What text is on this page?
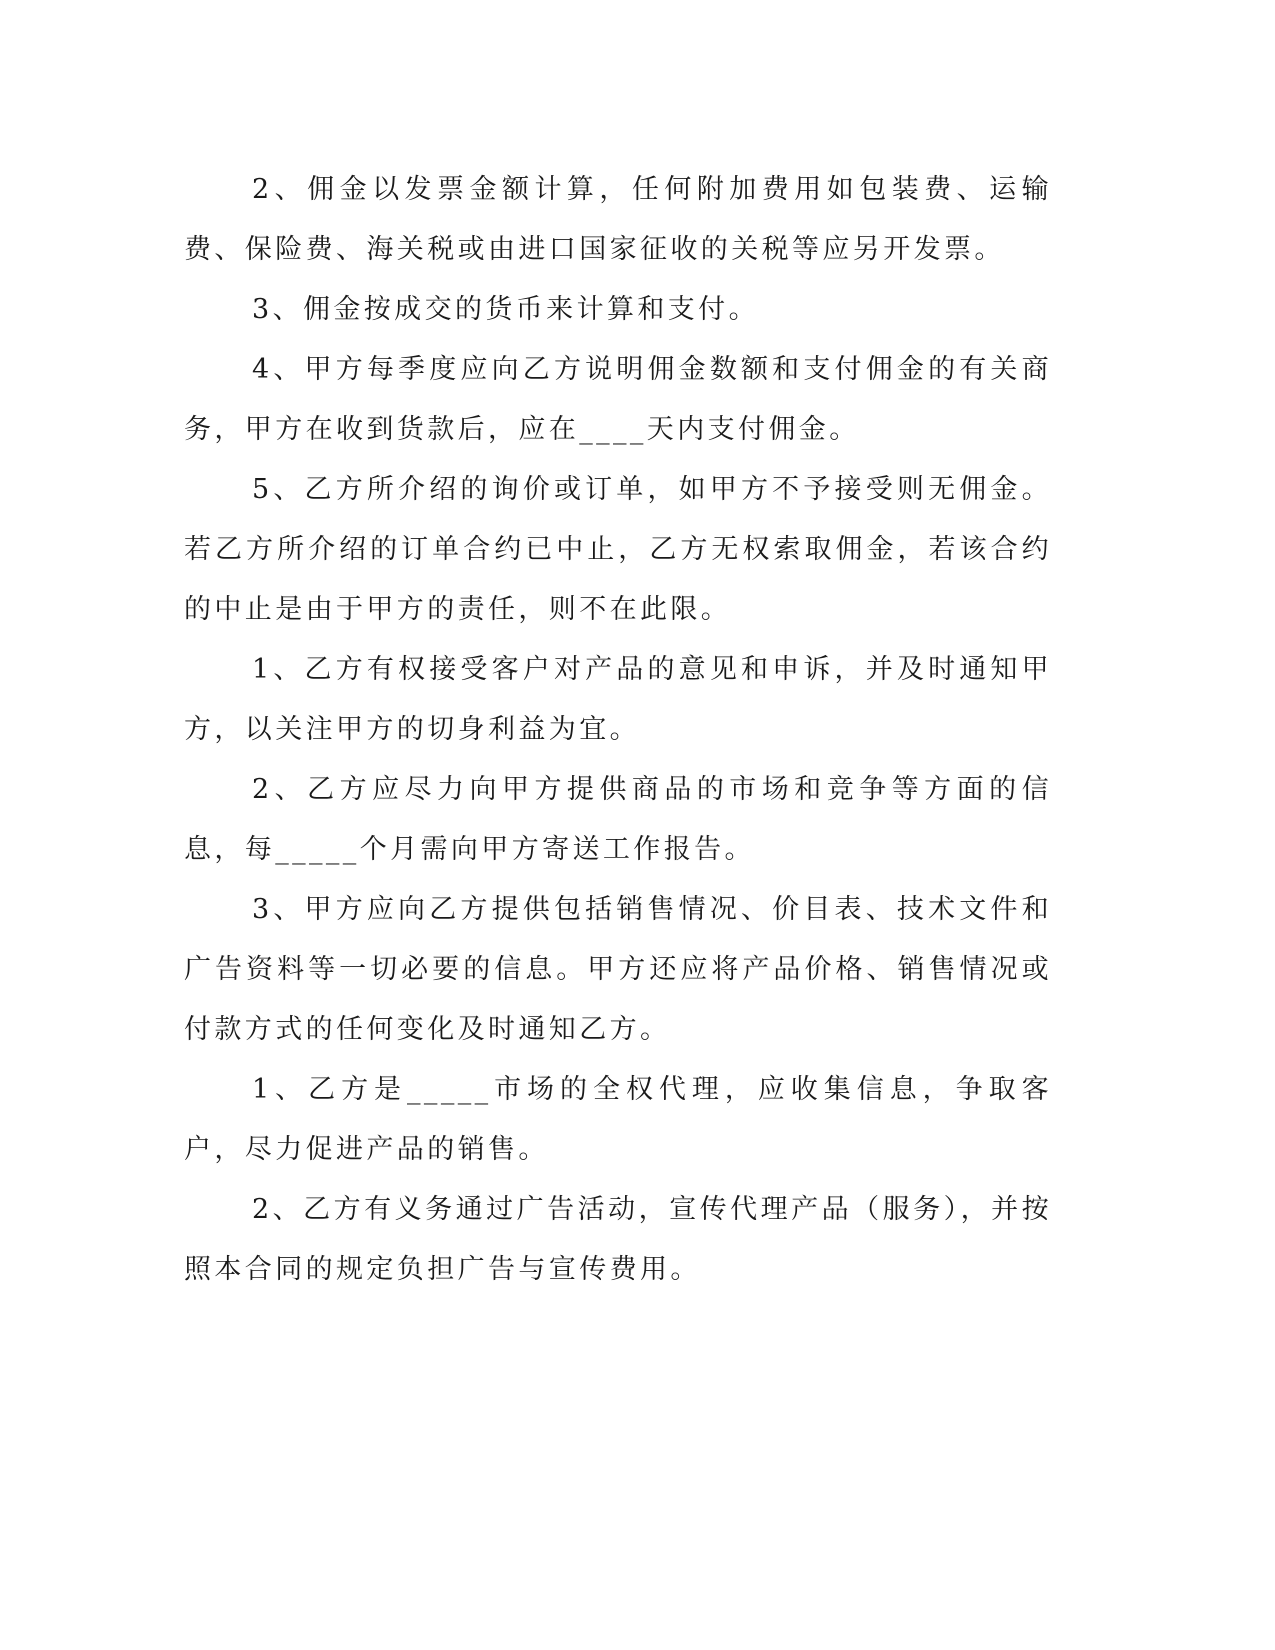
2、佣金以发票金额计算，任何附加费用如包装费、运输费、保险费、海关税或由进口国家征收的关税等应另开发票。

3、佣金按成交的货币来计算和支付。

4、甲方每季度应向乙方说明佣金数额和支付佣金的有关商务，甲方在收到货款后，应在____天内支付佣金。

5、乙方所介绍的询价或订单，如甲方不予接受则无佣金。若乙方所介绍的订单合约已中止，乙方无权索取佣金，若该合约的中止是由于甲方的责任，则不在此限。

1、乙方有权接受客户对产品的意见和申诉，并及时通知甲方，以关注甲方的切身利益为宜。

2、乙方应尽力向甲方提供商品的市场和竞争等方面的信息，每_____个月需向甲方寄送工作报告。

3、甲方应向乙方提供包括销售情况、价目表、技术文件和广告资料等一切必要的信息。甲方还应将产品价格、销售情况或付款方式的任何变化及时通知乙方。

1、乙方是_____市场的全权代理，应收集信息，争取客户，尽力促进产品的销售。

2、乙方有义务通过广告活动，宣传代理产品（服务），并按照本合同的规定负担广告与宣传费用。
